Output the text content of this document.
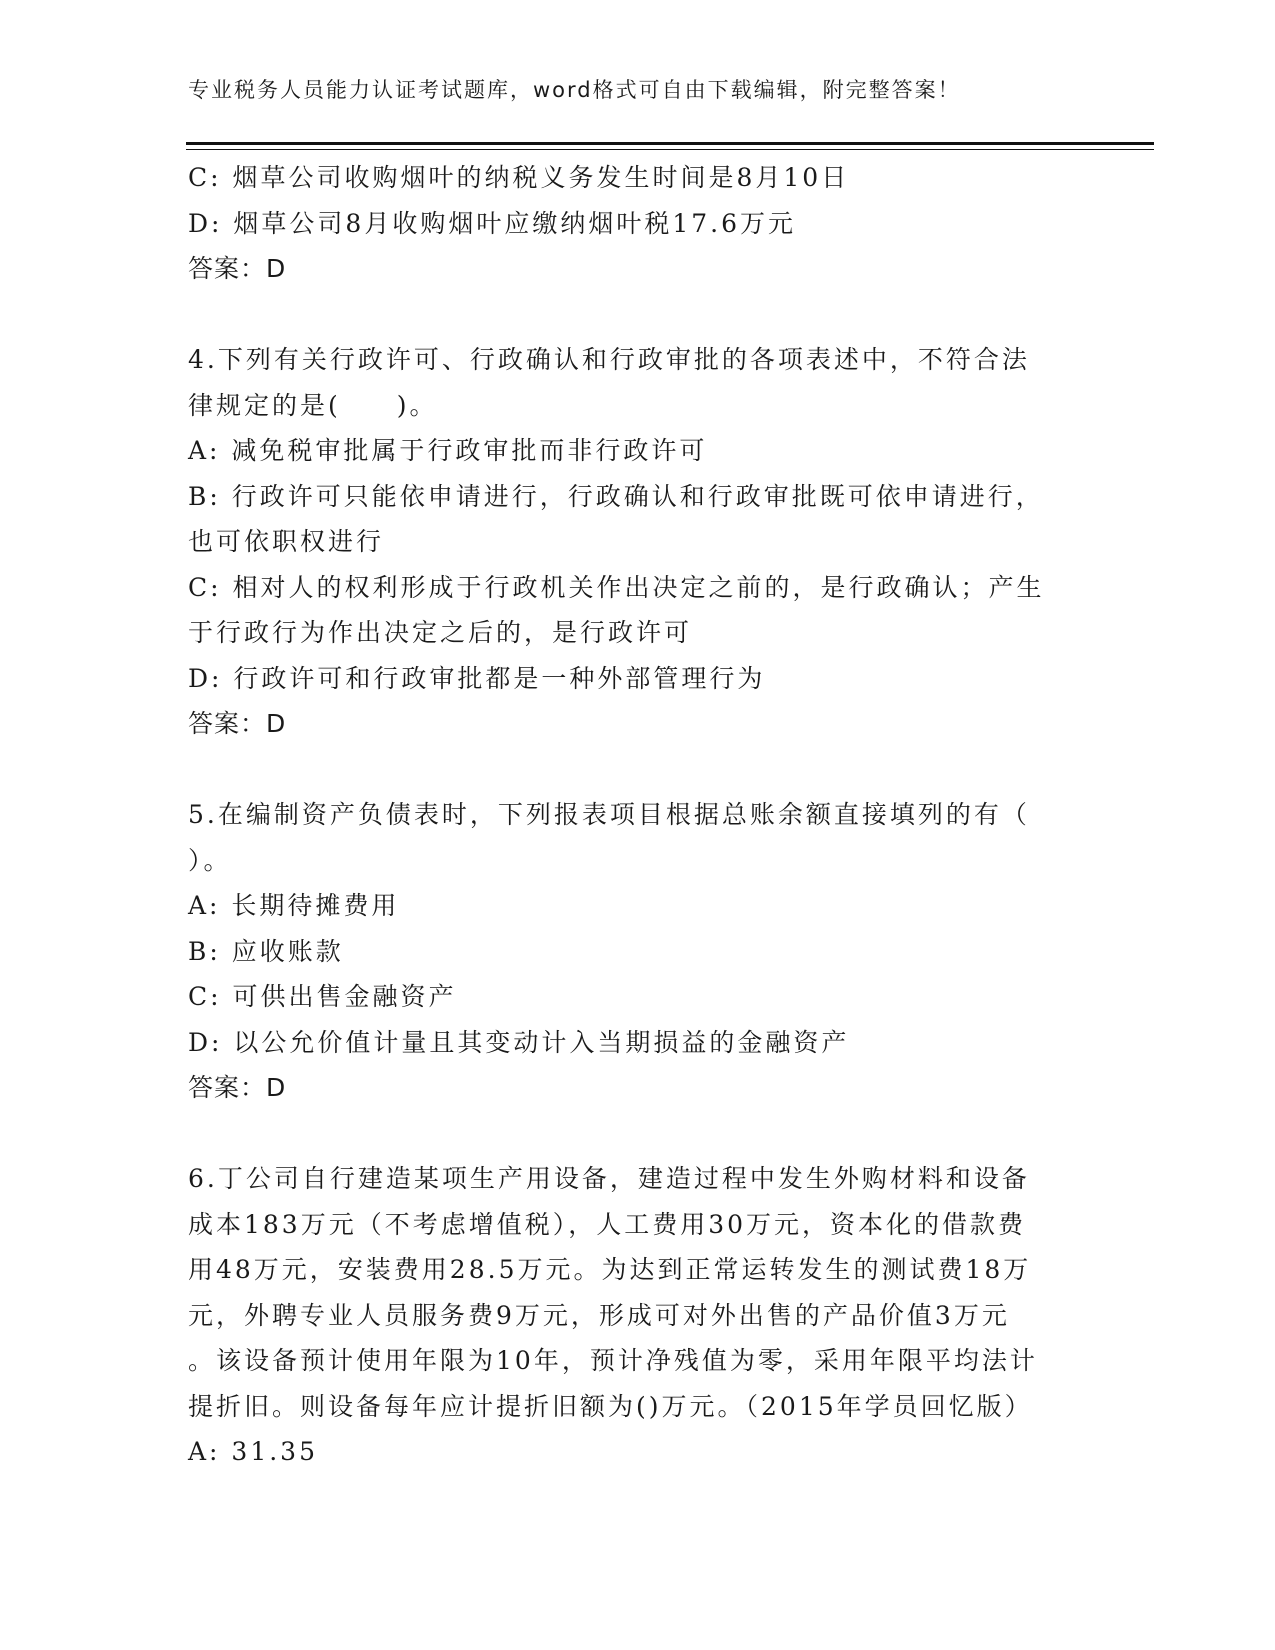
专业税务人员能力认证考试题库，word格式可自由下载编辑，附完整答案！
C: 烟草公司收购烟叶的纳税义务发生时间是8月10日
D: 烟草公司8月收购烟叶应缴纳烟叶税17.6万元
答案：D
4.下列有关行政许可、行政确认和行政审批的各项表述中，不符合法
律规定的是(　　)。
A: 减免税审批属于行政审批而非行政许可
B: 行政许可只能依申请进行，行政确认和行政审批既可依申请进行，
也可依职权进行
C: 相对人的权利形成于行政机关作出决定之前的，是行政确认；产生
于行政行为作出决定之后的，是行政许可
D: 行政许可和行政审批都是一种外部管理行为
答案：D
5.在编制资产负债表时，下列报表项目根据总账余额直接填列的有（
）。
A: 长期待摊费用
B: 应收账款
C: 可供出售金融资产
D: 以公允价值计量且其变动计入当期损益的金融资产
答案：D
6.丁公司自行建造某项生产用设备，建造过程中发生外购材料和设备
成本183万元（不考虑增值税），人工费用30万元，资本化的借款费
用48万元，安装费用28.5万元。为达到正常运转发生的测试费18万
元，外聘专业人员服务费9万元，形成可对外出售的产品价值3万元
。该设备预计使用年限为10年，预计净残值为零，采用年限平均法计
提折旧。则设备每年应计提折旧额为()万元。（2015年学员回忆版）
A: 31.35
